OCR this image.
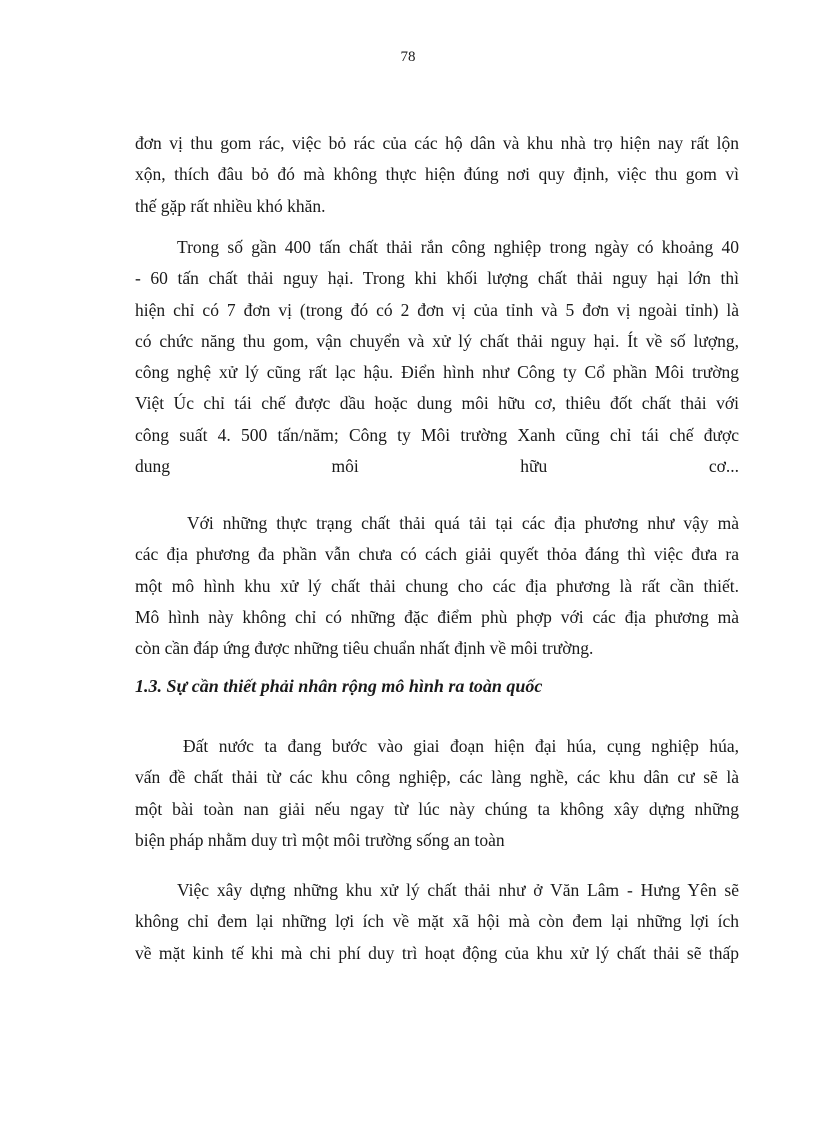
78
đơn vị thu gom rác, việc bỏ rác của các hộ dân và khu nhà trọ hiện nay rất lộn
xộn, thích đâu bỏ đó mà không thực hiện đúng nơi quy định, việc thu gom vì
thế gặp rất nhiều khó khăn.
Trong số gần 400 tấn chất thải rắn công nghiệp trong ngày có khoảng 40
- 60 tấn chất thải nguy hại. Trong khi khối lượng chất thải nguy hại lớn thì
hiện chỉ có 7 đơn vị (trong đó có 2 đơn vị của tỉnh và 5 đơn vị ngoài tỉnh) là
có chức năng thu gom, vận chuyển và xử lý chất thải nguy hại. Ít về số lượng,
công nghệ xử lý cũng rất lạc hậu. Điển hình như Công ty Cổ phần Môi trường
Việt Úc chỉ tái chế được dầu hoặc dung môi hữu cơ, thiêu đốt chất thải với
công suất 4. 500 tấn/năm; Công ty Môi trường Xanh cũng chỉ tái chế được
dung	môi	hữu	cơ...
Với những thực trạng chất thải quá tải tại các địa phương như vậy mà
các địa phương đa phần vẫn chưa có cách giải quyết thỏa đáng thì việc đưa ra
một mô hình khu xử lý chất thải chung cho các địa phương là rất cần thiết.
Mô hình này không chỉ có những đặc điểm phù phợp với các địa phương mà
còn cần đáp ứng được những tiêu chuẩn nhất định về môi trường.
1.3. Sự cần thiết phải nhân rộng mô hình ra toàn quốc
Đất nước ta đang bước vào giai đoạn hiện đại húa, cụng nghiệp húa,
vấn đề chất thải từ các khu công nghiệp, các làng nghề, các khu dân cư sẽ là
một bài toàn nan giải nếu ngay từ lúc này chúng ta không xây dựng những
biện pháp nhằm duy trì một môi trường sống an toàn
Việc xây dựng những khu xử lý chất thải như ở Văn Lâm - Hưng Yên sẽ
không chỉ đem lại những lợi ích về mặt xã hội mà còn đem lại những lợi ích
về mặt kinh tế khi mà chi phí duy trì hoạt động của khu xử lý chất thải sẽ thấp
